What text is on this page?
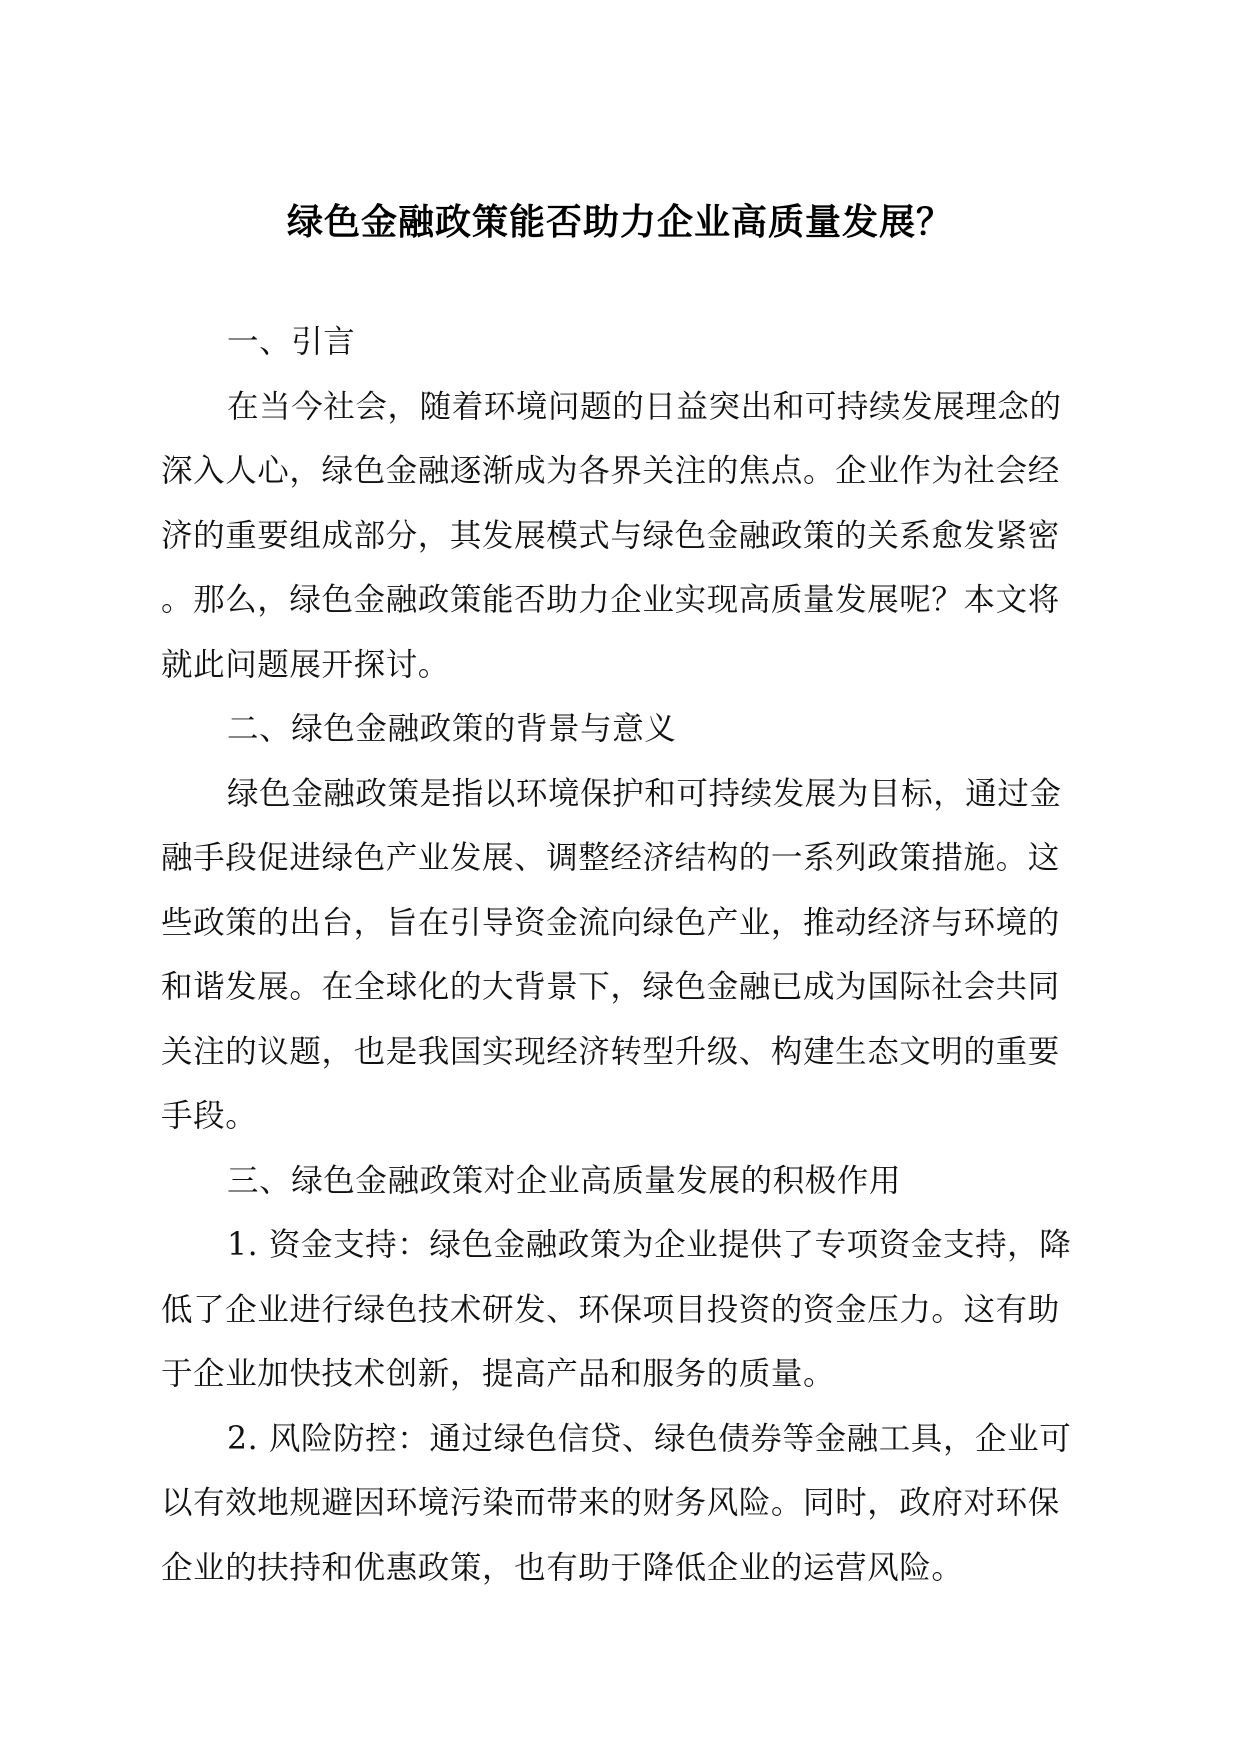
绿色金融政策能否助力企业高质量发展？
一、引言
在当今社会，随着环境问题的日益突出和可持续发展理念的
深入人心，绿色金融逐渐成为各界关注的焦点。企业作为社会经
济的重要组成部分，其发展模式与绿色金融政策的关系愈发紧密
。那么，绿色金融政策能否助力企业实现高质量发展呢？本文将
就此问题展开探讨。
二、绿色金融政策的背景与意义
绿色金融政策是指以环境保护和可持续发展为目标，通过金
融手段促进绿色产业发展、调整经济结构的一系列政策措施。这
些政策的出台，旨在引导资金流向绿色产业，推动经济与环境的
和谐发展。在全球化的大背景下，绿色金融已成为国际社会共同
关注的议题，也是我国实现经济转型升级、构建生态文明的重要
手段。
三、绿色金融政策对企业高质量发展的积极作用
1. 资金支持：绿色金融政策为企业提供了专项资金支持，降
低了企业进行绿色技术研发、环保项目投资的资金压力。这有助
于企业加快技术创新，提高产品和服务的质量。
2. 风险防控：通过绿色信贷、绿色债券等金融工具，企业可
以有效地规避因环境污染而带来的财务风险。同时，政府对环保
企业的扶持和优惠政策，也有助于降低企业的运营风险。
